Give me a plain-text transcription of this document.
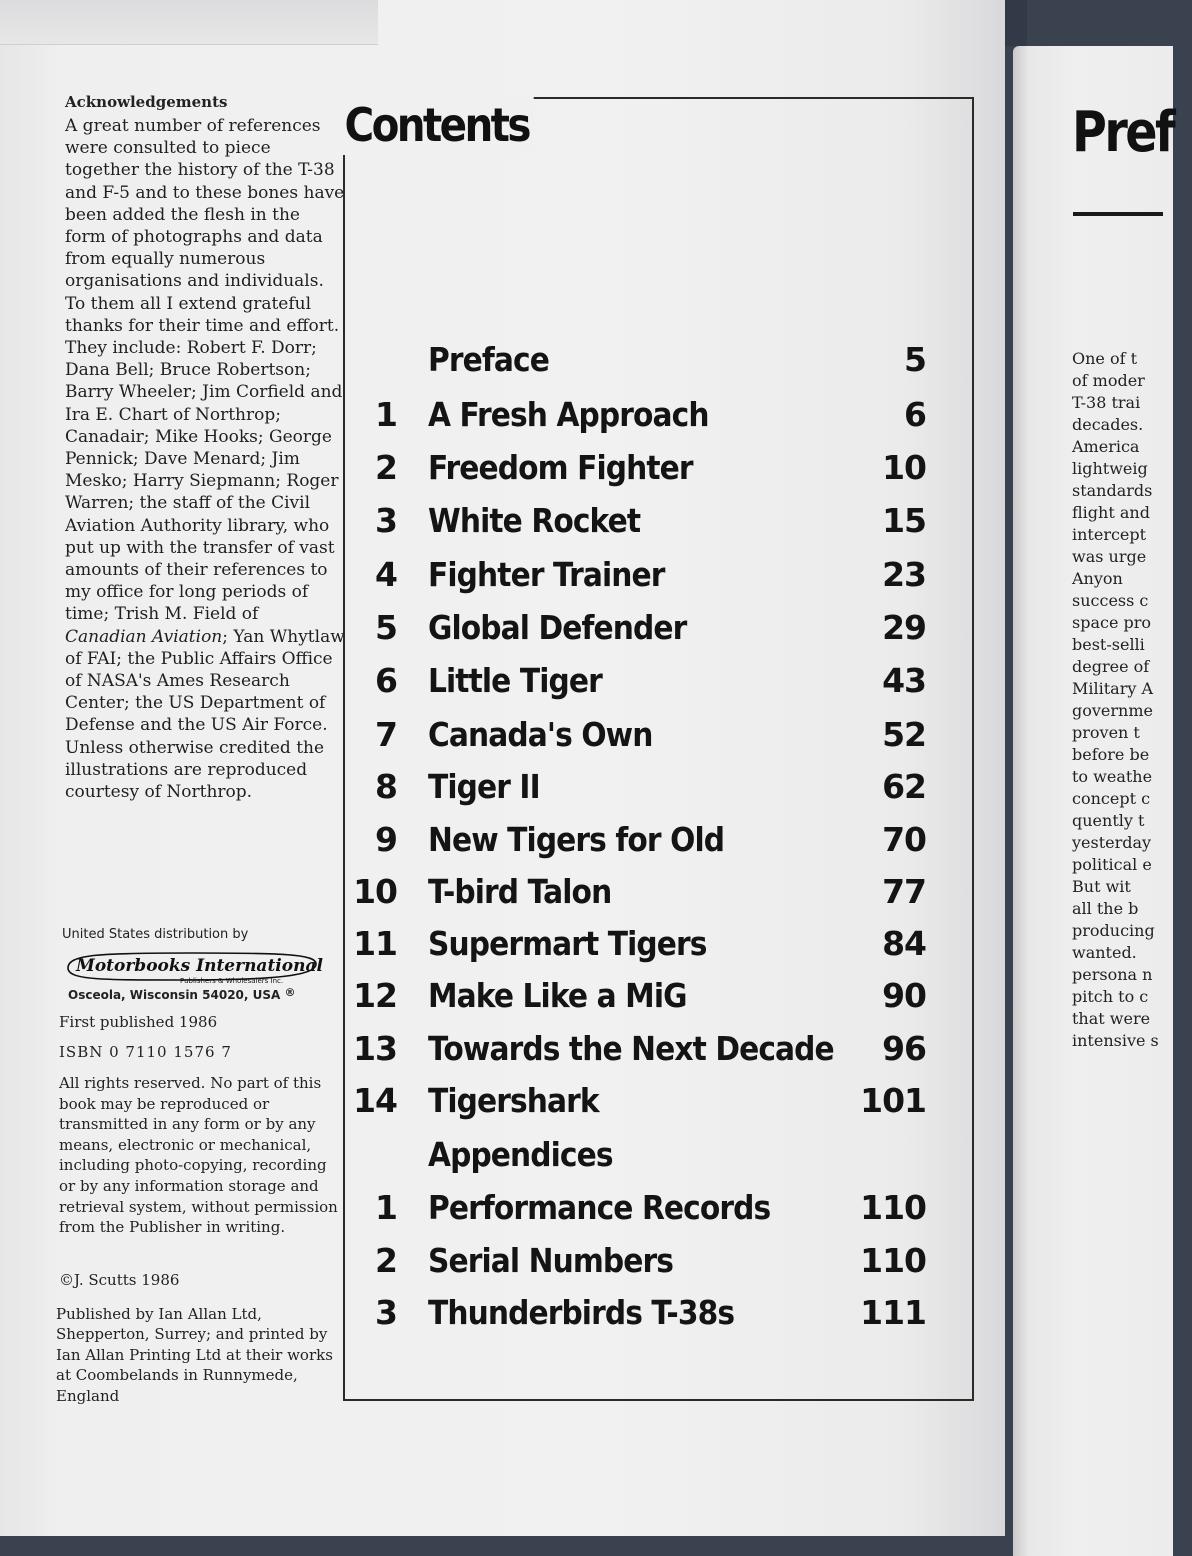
Acknowledgements

A great number of references were consulted to piece together the history of the T-38 and F-5 and to these bones have been added the flesh in the form of photographs and data from equally numerous organisations and individuals. To them all I extend grateful thanks for their time and effort. They include: Robert F. Dorr; Dana Bell; Bruce Robertson; Barry Wheeler; Jim Corfield and Ira E. Chart of Northrop; Canadair; Mike Hooks; George Pennick; Dave Menard; Jim Mesko; Harry Siepmann; Roger Warren; the staff of the Civil Aviation Authority library, who put up with the transfer of vast amounts of their references to my office for long periods of time; Trish M. Field of Canadian Aviation; Yan Whytlaw of FAI; the Public Affairs Office of NASA's Ames Research Center; the US Department of Defense and the US Air Force. Unless otherwise credited the illustrations are reproduced courtesy of Northrop.

United States distribution by
Motorbooks International
Publishers & Wholesalers Inc.
Osceola, Wisconsin 54020, USA ®
First published 1986
ISBN 0 7110 1576 7
All rights reserved. No part of this book may be reproduced or transmitted in any form or by any means, electronic or mechanical, including photo-copying, recording or by any information storage and retrieval system, without permission from the Publisher in writing.
©J. Scutts 1986
Published by Ian Allan Ltd, Shepperton, Surrey; and printed by Ian Allan Printing Ltd at their works at Coombelands in Runnymede, England
Contents
Preface	5
1 A Fresh Approach	6
2 Freedom Fighter	10
3 White Rocket	15
4 Fighter Trainer	23
5 Global Defender	29
6 Little Tiger	43
7 Canada's Own	52
8 Tiger II	62
9 New Tigers for Old	70
10 T-bird Talon	77
11 Supermart Tigers	84
12 Make Like a MiG	90
13 Towards the Next Decade 96
14 Tigershark	101
Appendices
1 Performance Records	110
2 Serial Numbers	110
3 Thunderbirds T-38s	111
Pref
One of t
of moder
T-38 trai
decades.
America
lightweig
standards
flight and
intercept
was urge
Anyon
success c
space pro
best-selli
degree of
Military A
governme
proven t
before be
to weathe
concept c
quently t
yesterday
political e
But wit
all the b
producing
wanted.
persona n
pitch to c
that were
intensive s
